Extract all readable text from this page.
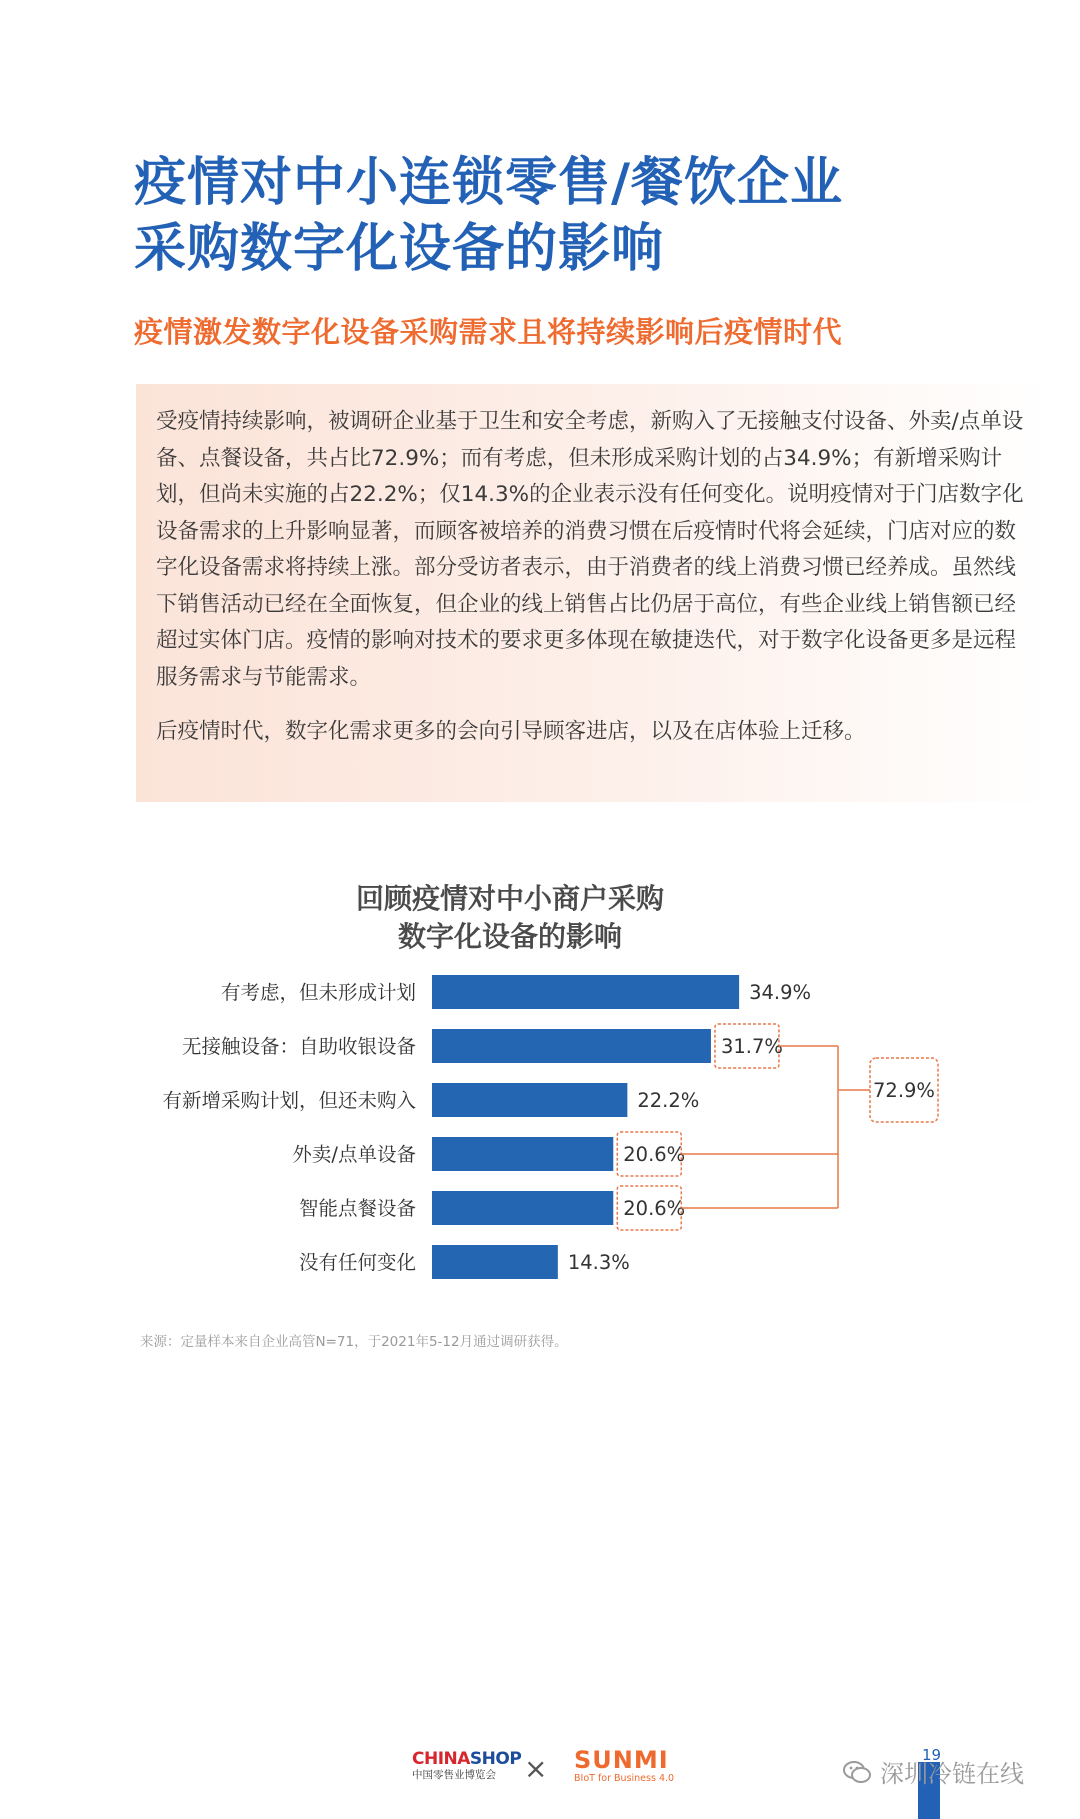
疫情对中小连锁零售/餐饮企业
采购数字化设备的影响
疫情激发数字化设备采购需求且将持续影响后疫情时代

受疫情持续影响，被调研企业基于卫生和安全考虑，新购入了无接触支付设备、外卖/点单设备、点餐设备，共占比72.9%；而有考虑，但未形成采购计划的占34.9%；有新增采购计划，但尚未实施的占22.2%；仅14.3%的企业表示没有任何变化。说明疫情对于门店数字化设备需求的上升影响显著，而顾客被培养的消费习惯在后疫情时代将会延续，门店对应的数字化设备需求将持续上涨。部分受访者表示，由于消费者的线上消费习惯已经养成。虽然线下销售活动已经在全面恢复，但企业的线上销售占比仍居于高位，有些企业线上销售额已经超过实体门店。疫情的影响对技术的要求更多体现在敏捷迭代，对于数字化设备更多是远程服务需求与节能需求。

后疫情时代，数字化需求更多的会向引导顾客进店，以及在店体验上迁移。

回顾疫情对中小商户采购
数字化设备的影响
有考虑，但未形成计划	34.9%
无接触设备：自助收银设备	31.7%
有新增采购计划，但还未购入	22.2%
外卖/点单设备	20.6%
智能点餐设备	20.6%
没有任何变化	14.3%
72.9%
来源：定量样本来自企业高管N=71，于2021年5-12月通过调研获得。
CHINASHOP
中国零售业博览会	× SUNMI
BIoT for Business 4.0
19
深圳冷链在线
